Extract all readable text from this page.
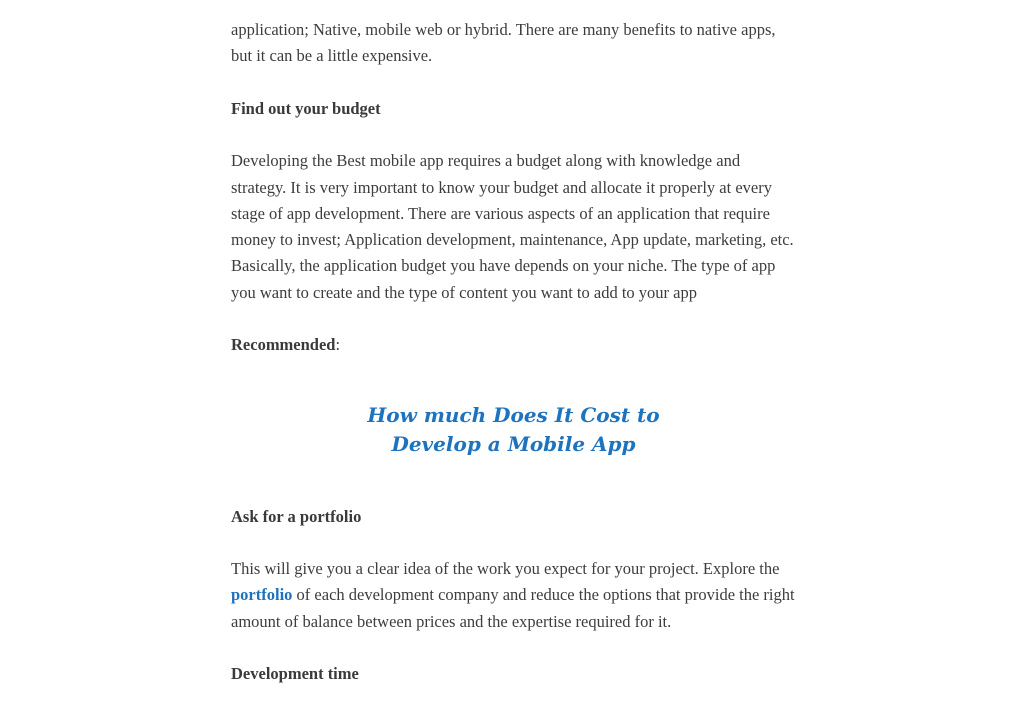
application; Native, mobile web or hybrid. There are many benefits to native apps, but it can be a little expensive.

Find out your budget

Developing the Best mobile app requires a budget along with knowledge and strategy. It is very important to know your budget and allocate it properly at every stage of app development. There are various aspects of an application that require money to invest; Application development, maintenance, App update, marketing, etc. Basically, the application budget you have depends on your niche. The type of app you want to create and the type of content you want to add to your app

Recommended:

How much Does It Cost to Develop a Mobile App

Ask for a portfolio

This will give you a clear idea of the work you expect for your project. Explore the portfolio of each development company and reduce the options that provide the right amount of balance between prices and the expertise required for it.

Development time
